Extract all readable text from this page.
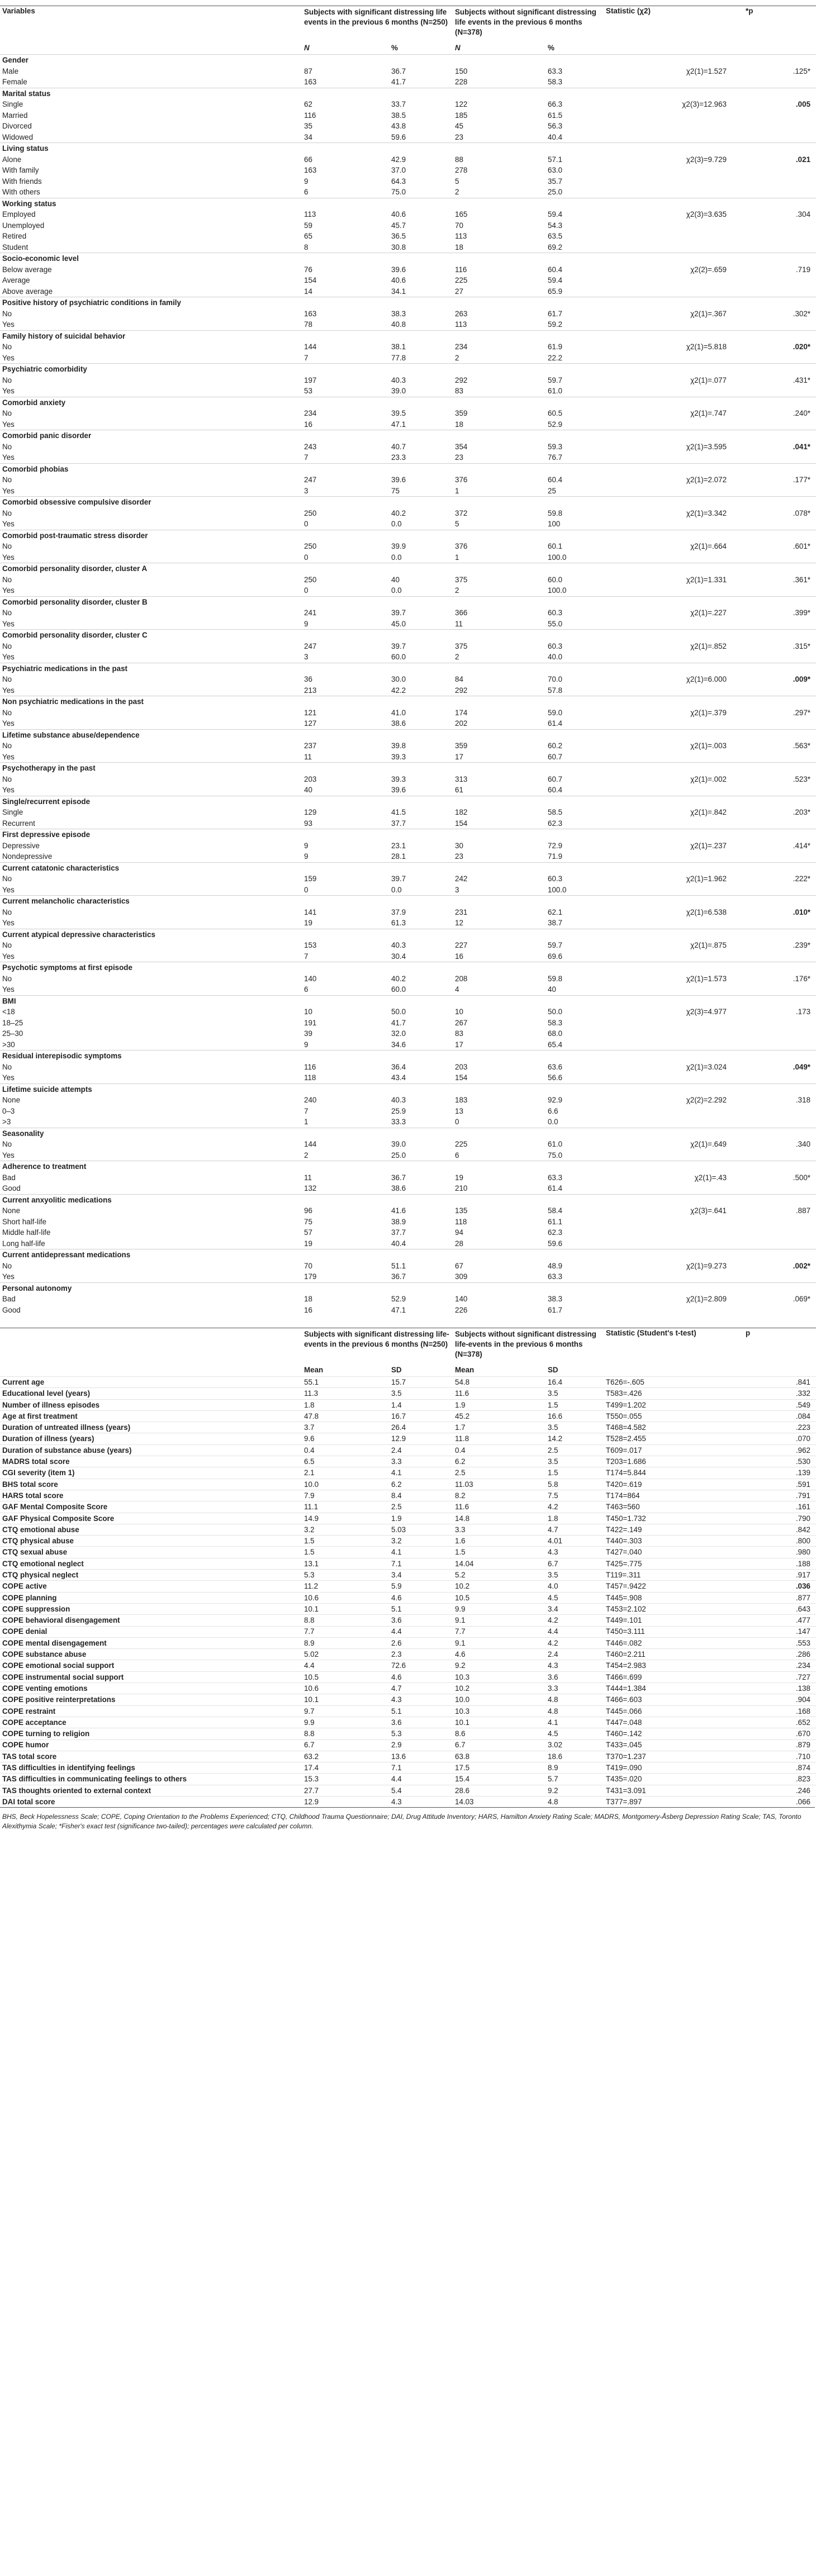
Variables	Subjects with significant distressing life events in the previous 6 months (N=250)		Subjects without significant distressing life events in the previous 6 months (N=378)		Statistic (χ2)	*p
	N	%	N	%		
Gender						
Male	87	36.7	150	63.3	χ2(1)=1.527	.125*
Female	163	41.7	228	58.3		
Marital status						
Single	62	33.7	122	66.3	χ2(3)=12.963	.005
Married	116	38.5	185	61.5		
Divorced	35	43.8	45	56.3		
Widowed	34	59.6	23	40.4		
Living status						
Alone	66	42.9	88	57.1	χ2(3)=9.729	.021
With family	163	37.0	278	63.0		
With friends	9	64.3	5	35.7		
With others	6	75.0	2	25.0		
Working status						
Employed	113	40.6	165	59.4	χ2(3)=3.635	.304
Unemployed	59	45.7	70	54.3		
Retired	65	36.5	113	63.5		
Student	8	30.8	18	69.2		
Socio-economic level						
Below average	76	39.6	116	60.4	χ2(2)=.659	.719
Average	154	40.6	225	59.4		
Above average	14	34.1	27	65.9		
Positive history of psychiatric conditions in family						
No	163	38.3	263	61.7	χ2(1)=.367	.302*
Yes	78	40.8	113	59.2		
Family history of suicidal behavior						
No	144	38.1	234	61.9	χ2(1)=5.818	.020*
Yes	7	77.8	2	22.2		
Psychiatric comorbidity						
No	197	40.3	292	59.7	χ2(1)=.077	.431*
Yes	53	39.0	83	61.0		
Comorbid anxiety						
No	234	39.5	359	60.5	χ2(1)=.747	.240*
Yes	16	47.1	18	52.9		
Comorbid panic disorder						
No	243	40.7	354	59.3	χ2(1)=3.595	.041*
Yes	7	23.3	23	76.7		
Comorbid phobias						
No	247	39.6	376	60.4	χ2(1)=2.072	.177*
Yes	3	75	1	25		
Comorbid obsessive compulsive disorder						
No	250	40.2	372	59.8	χ2(1)=3.342	.078*
Yes	0	0.0	5	100		
Comorbid post-traumatic stress disorder						
No	250	39.9	376	60.1	χ2(1)=.664	.601*
Yes	0	0.0	1	100.0		
Comorbid personality disorder, cluster A						
No	250	40	375	60.0	χ2(1)=1.331	.361*
Yes	0	0.0	2	100.0		
Comorbid personality disorder, cluster B						
No	241	39.7	366	60.3	χ2(1)=.227	.399*
Yes	9	45.0	11	55.0		
Comorbid personality disorder, cluster C						
No	247	39.7	375	60.3	χ2(1)=.852	.315*
Yes	3	60.0	2	40.0		
Psychiatric medications in the past						
No	36	30.0	84	70.0	χ2(1)=6.000	.009*
Yes	213	42.2	292	57.8		
Non psychiatric medications in the past						
No	121	41.0	174	59.0	χ2(1)=.379	.297*
Yes	127	38.6	202	61.4		
Lifetime substance abuse/dependence						
No	237	39.8	359	60.2	χ2(1)=.003	.563*
Yes	11	39.3	17	60.7		
Psychotherapy in the past						
No	203	39.3	313	60.7	χ2(1)=.002	.523*
Yes	40	39.6	61	60.4		
Single/recurrent episode						
Single	129	41.5	182	58.5	χ2(1)=.842	.203*
Recurrent	93	37.7	154	62.3		
First depressive episode						
Depressive	9	23.1	30	72.9	χ2(1)=.237	.414*
Nondepressive	9	28.1	23	71.9		
Current catatonic characteristics						
No	159	39.7	242	60.3	χ2(1)=1.962	.222*
Yes	0	0.0	3	100.0		
Current melancholic characteristics						
No	141	37.9	231	62.1	χ2(1)=6.538	.010*
Yes	19	61.3	12	38.7		
Current atypical depressive characteristics						
No	153	40.3	227	59.7	χ2(1)=.875	.239*
Yes	7	30.4	16	69.6		
Psychotic symptoms at first episode						
No	140	40.2	208	59.8	χ2(1)=1.573	.176*
Yes	6	60.0	4	40		
BMI						
<18	10	50.0	10	50.0	χ2(3)=4.977	.173
18–25	191	41.7	267	58.3		
25–30	39	32.0	83	68.0		
>30	9	34.6	17	65.4		
Residual interepisodic symptoms						
No	116	36.4	203	63.6	χ2(1)=3.024	.049*
Yes	118	43.4	154	56.6		
Lifetime suicide attempts						
None	240	40.3	183	92.9	χ2(2)=2.292	.318
0–3	7	25.9	13	6.6		
>3	1	33.3	0	0.0		
Seasonality						
No	144	39.0	225	61.0	χ2(1)=.649	.340
Yes	2	25.0	6	75.0		
Adherence to treatment						
Bad	11	36.7	19	63.3	χ2(1)=.43	.500*
Good	132	38.6	210	61.4		
Current anxyolitic medications						
None	96	41.6	135	58.4	χ2(3)=.641	.887
Short half-life	75	38.9	118	61.1		
Middle half-life	57	37.7	94	62.3		
Long half-life	19	40.4	28	59.6		
Current antidepressant medications						
No	70	51.1	67	48.9	χ2(1)=9.273	.002*
Yes	179	36.7	309	63.3		
Personal autonomy						
Bad	18	52.9	140	38.3	χ2(1)=2.809	.069*
Good	16	47.1	226	61.7		
	Subjects with significant distressing life-events in the previous 6 months (N=250)		Subjects without significant distressing life-events in the previous 6 months (N=378)		Statistic (Student's t-test)	p
	Mean	SD	Mean	SD		
Current age	55.1	15.7	54.8	16.4	T626=-.605	.841
Educational level (years)	11.3	3.5	11.6	3.5	T583=.426	.332
Number of illness episodes	1.8	1.4	1.9	1.5	T499=1.202	.549
Age at first treatment	47.8	16.7	45.2	16.6	T550=.055	.084
Duration of untreated illness (years)	3.7	26.4	1.7	3.5	T468=4.582	.223
Duration of illness (years)	9.6	12.9	11.8	14.2	T528=2.455	.070
Duration of substance abuse (years)	0.4	2.4	0.4	2.5	T609=.017	.962
MADRS total score	6.5	3.3	6.2	3.5	T203=1.686	.530
CGI severity (item 1)	2.1	4.1	2.5	1.5	T174=5.844	.139
BHS total score	10.0	6.2	11.03	5.8	T420=.619	.591
HARS total score	7.9	8.4	8.2	7.5	T174=864	.791
GAF Mental Composite Score	11.1	2.5	11.6	4.2	T463=560	.161
GAF Physical Composite Score	14.9	1.9	14.8	1.8	T450=1.732	.790
CTQ emotional abuse	3.2	5.03	3.3	4.7	T422=.149	.842
CTQ physical abuse	1.5	3.2	1.6	4.01	T440=.303	.800
CTQ sexual abuse	1.5	4.1	1.5	4.3	T427=.040	.980
CTQ emotional neglect	13.1	7.1	14.04	6.7	T425=.775	.188
CTQ physical neglect	5.3	3.4	5.2	3.5	T119=.311	.917
COPE active	11.2	5.9	10.2	4.0	T457=.9422	.036
COPE planning	10.6	4.6	10.5	4.5	T445=.908	.877
COPE suppression	10.1	5.1	9.9	3.4	T453=2.102	.643
COPE behavioral disengagement	8.8	3.6	9.1	4.2	T449=.101	.477
COPE denial	7.7	4.4	7.7	4.4	T450=3.111	.147
COPE mental disengagement	8.9	2.6	9.1	4.2	T446=.082	.553
COPE substance abuse	5.02	2.3	4.6	2.4	T460=2.211	.286
COPE emotional social support	4.4	72.6	9.2	4.3	T454=2.983	.234
COPE instrumental social support	10.5	4.6	10.3	3.6	T466=.699	.727
COPE venting emotions	10.6	4.7	10.2	3.3	T444=1.384	.138
COPE positive reinterpretations	10.1	4.3	10.0	4.8	T466=.603	.904
COPE restraint	9.7	5.1	10.3	4.8	T445=.066	.168
COPE acceptance	9.9	3.6	10.1	4.1	T447=.048	.652
COPE turning to religion	8.8	5.3	8.6	4.5	T460=.142	.670
COPE humor	6.7	2.9	6.7	3.02	T433=.045	.879
TAS total score	63.2	13.6	63.8	18.6	T370=1.237	.710
TAS difficulties in identifying feelings	17.4	7.1	17.5	8.9	T419=.090	.874
TAS difficulties in communicating feelings to others	15.3	4.4	15.4	5.7	T435=.020	.823
TAS thoughts oriented to external context	27.7	5.4	28.6	9.2	T431=3.091	.246
DAI total score	12.9	4.3	14.03	4.8	T377=.897	.066
BHS, Beck Hopelessness Scale; COPE, Coping Orientation to the Problems Experienced; CTQ, Childhood Trauma Questionnaire; DAI, Drug Attitude Inventory; HARS, Hamilton Anxiety Rating Scale; MADRS, Montgomery-Åsberg Depression Rating Scale; TAS, Toronto Alexithymia Scale; *Fisher's exact test (significance two-tailed); percentages were calculated per column.
